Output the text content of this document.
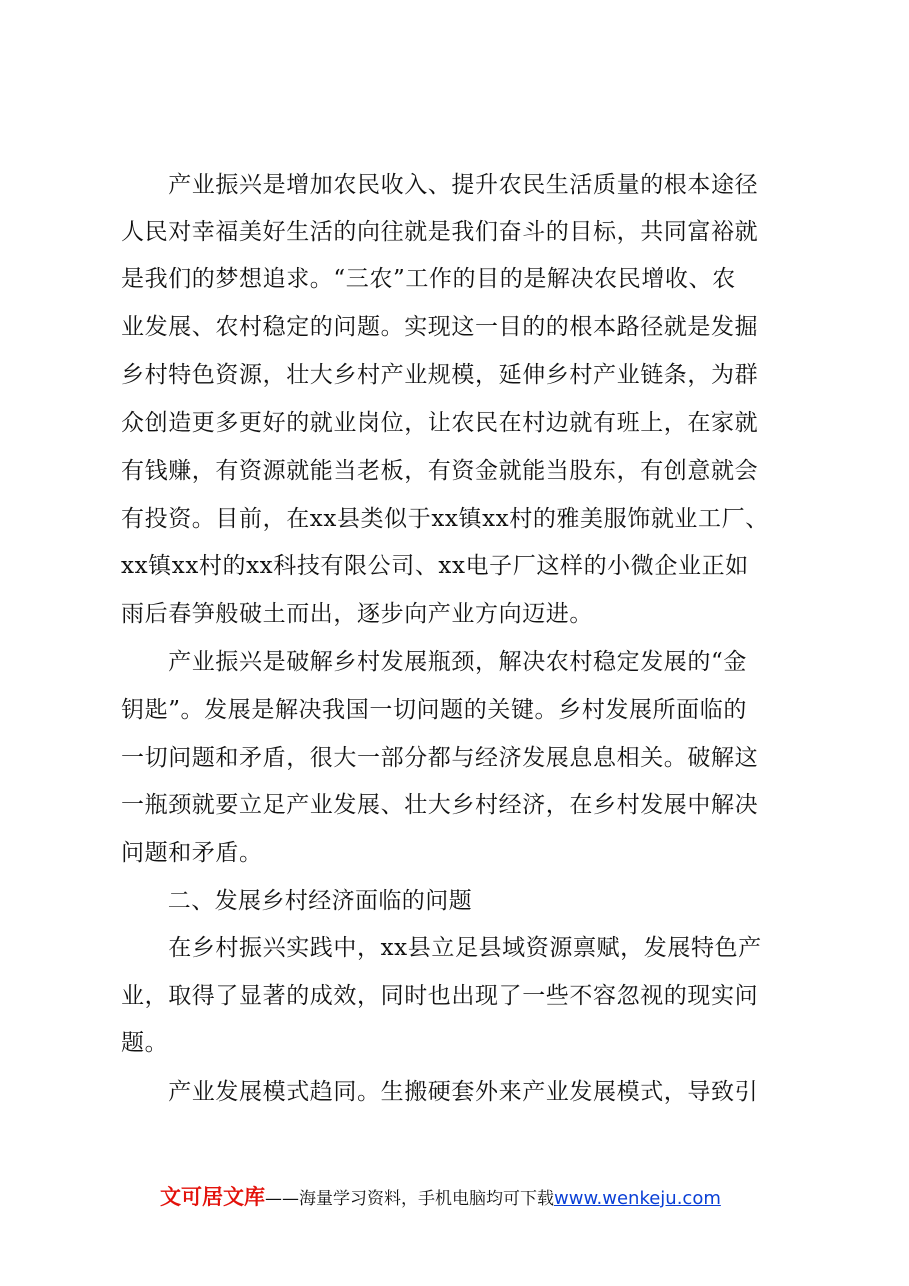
　　产业振兴是增加农民收入、提升农民生活质量的根本途径
人民对幸福美好生活的向往就是我们奋斗的目标，共同富裕就
是我们的梦想追求。“三农”工作的目的是解决农民增收、农
业发展、农村稳定的问题。实现这一目的的根本路径就是发掘
乡村特色资源，壮大乡村产业规模，延伸乡村产业链条，为群
众创造更多更好的就业岗位，让农民在村边就有班上，在家就
有钱赚，有资源就能当老板，有资金就能当股东，有创意就会
有投资。目前，在xx县类似于xx镇xx村的雅美服饰就业工厂、
xx镇xx村的xx科技有限公司、xx电子厂这样的小微企业正如
雨后春笋般破土而出，逐步向产业方向迈进。
　　产业振兴是破解乡村发展瓶颈，解决农村稳定发展的“金
钥匙”。发展是解决我国一切问题的关键。乡村发展所面临的
一切问题和矛盾，很大一部分都与经济发展息息相关。破解这
一瓶颈就要立足产业发展、壮大乡村经济，在乡村发展中解决
问题和矛盾。
　　二、发展乡村经济面临的问题
　　在乡村振兴实践中，xx县立足县域资源禀赋，发展特色产
业，取得了显著的成效，同时也出现了一些不容忽视的现实问
题。
　　产业发展模式趋同。生搬硬套外来产业发展模式，导致引
文可居文库——海量学习资料，手机电脑均可下载www.wenkeju.com
